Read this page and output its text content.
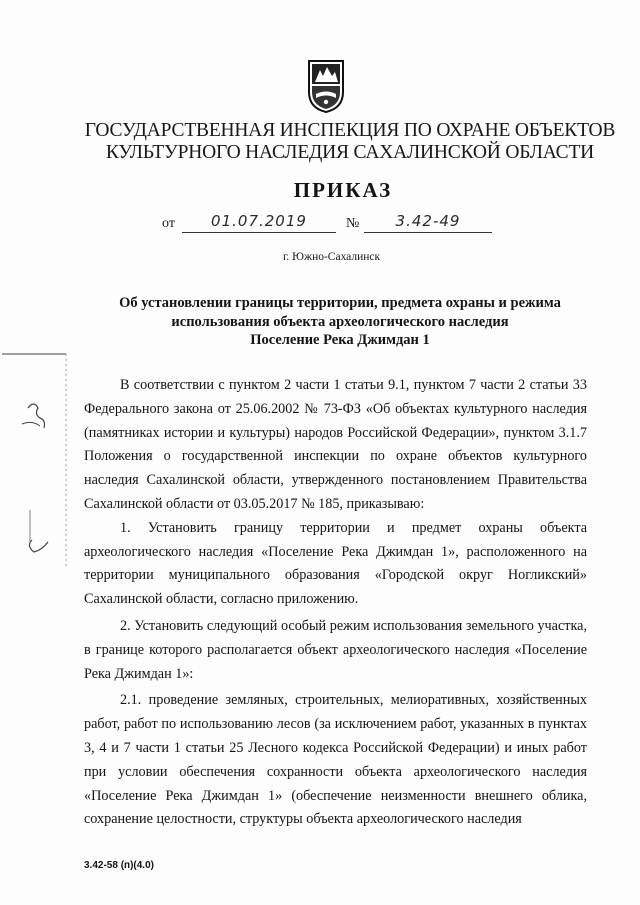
ГОСУДАРСТВЕННАЯ ИНСПЕКЦИЯ ПО ОХРАНЕ ОБЪЕКТОВ
КУЛЬТУРНОГО НАСЛЕДИЯ САХАЛИНСКОЙ ОБЛАСТИ
ПРИКАЗ
от	01.07.2019	№	3.42-49
г. Южно-Сахалинск
Об установлении границы территории, предмета охраны и режима
использования объекта археологического наследия
Поселение Река Джимдан 1

В соответствии с пунктом 2 части 1 статьи 9.1, пунктом 7 части 2 статьи 33 Федерального закона от 25.06.2002 № 73-ФЗ «Об объектах культурного наследия (памятниках истории и культуры) народов Российской Федерации», пунктом 3.1.7 Положения о государственной инспекции по охране объектов культурного наследия Сахалинской области, утвержденного постановлением Правительства Сахалинской области от 03.05.2017 № 185, приказываю:

1. Установить границу территории и предмет охраны объекта археологического наследия «Поселение Река Джимдан 1», расположенного на территории муниципального образования «Городской округ Ногликский» Сахалинской области, согласно приложению.

2. Установить следующий особый режим использования земельного участка, в границе которого располагается объект археологического наследия «Поселение Река Джимдан 1»:

2.1. проведение земляных, строительных, мелиоративных, хозяйственных работ, работ по использованию лесов (за исключением работ, указанных в пунктах 3, 4 и 7 части 1 статьи 25 Лесного кодекса Российской Федерации) и иных работ при условии обеспечения сохранности объекта археологического наследия «Поселение Река Джимдан 1» (обеспечение неизменности внешнего облика, сохранение целостности, структуры объекта археологического наследия

3.42-58 (п)(4.0)
